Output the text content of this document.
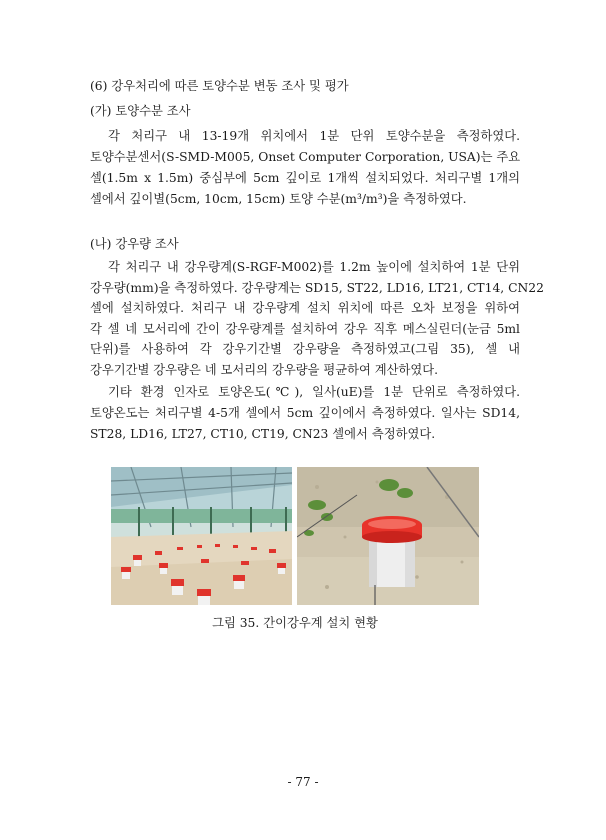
(6) 강우처리에 따른 토양수분 변동 조사 및 평가
(가) 토양수분 조사
각 처리구 내 13-19개 위치에서 1분 단위 토양수분을 측정하였다.
토양수분센서(S-SMD-M005, Onset Computer Corporation, USA)는 주요
셀(1.5m x 1.5m) 중심부에 5cm 깊이로 1개씩 설치되었다. 처리구별 1개의
셀에서 깊이별(5cm, 10cm, 15cm) 토양 수분(m³/m³)을 측정하였다.
(나) 강우량 조사
각 처리구 내 강우량계(S-RGF-M002)를 1.2m 높이에 설치하여 1분 단위
강우량(mm)을 측정하였다. 강우량계는 SD15, ST22, LD16, LT21, CT14, CN22
셀에 설치하였다. 처리구 내 강우량계 설치 위치에 따른 오차 보정을 위하여
각 셀 네 모서리에 간이 강우량계를 설치하여 강우 직후 메스실린더(눈금 5ml
단위)를 사용하여 각 강우기간별 강우량을 측정하였고(그림 35), 셀 내
강우기간별 강우량은 네 모서리의 강우량을 평균하여 계산하였다.
기타 환경 인자로 토양온도(℃), 일사(uE)를 1분 단위로 측정하였다.
토양온도는 처리구별 4-5개 셀에서 5cm 깊이에서 측정하였다. 일사는 SD14,
ST28, LD16, LT27, CT10, CT19, CN23 셀에서 측정하였다.
그림 35. 간이강우계 설치 현황
- 77 -
